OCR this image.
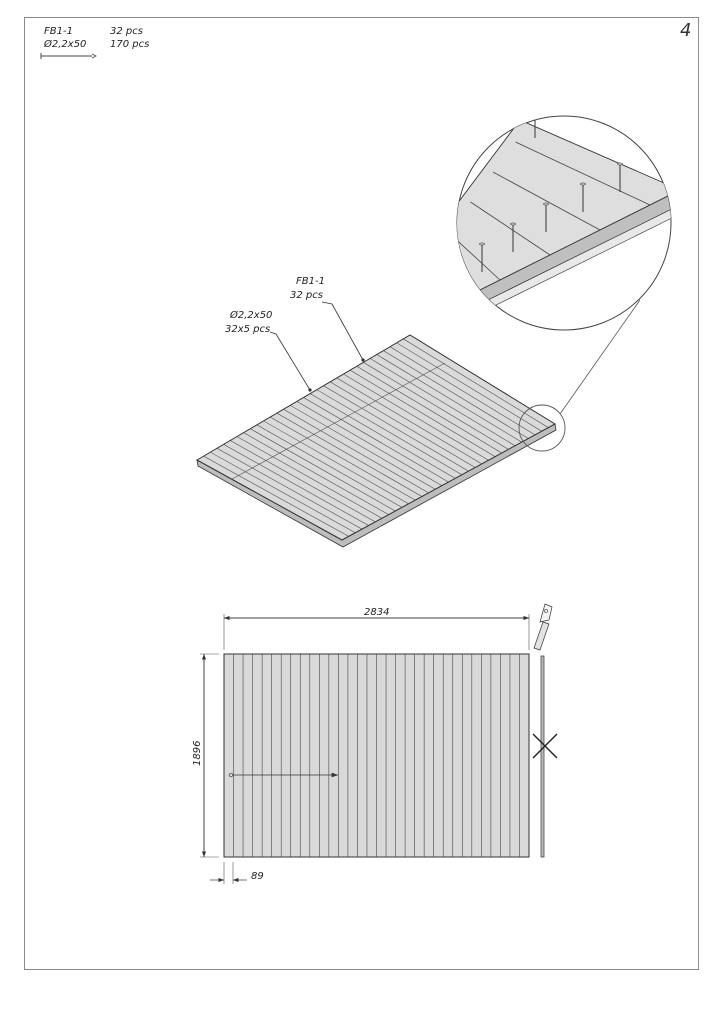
4
FB1-1	32 pcs
Ø2,2x50 170 pcs
FB1-1
32 pcs
Ø2,2x50
32x5 pcs
2834
1896
89
